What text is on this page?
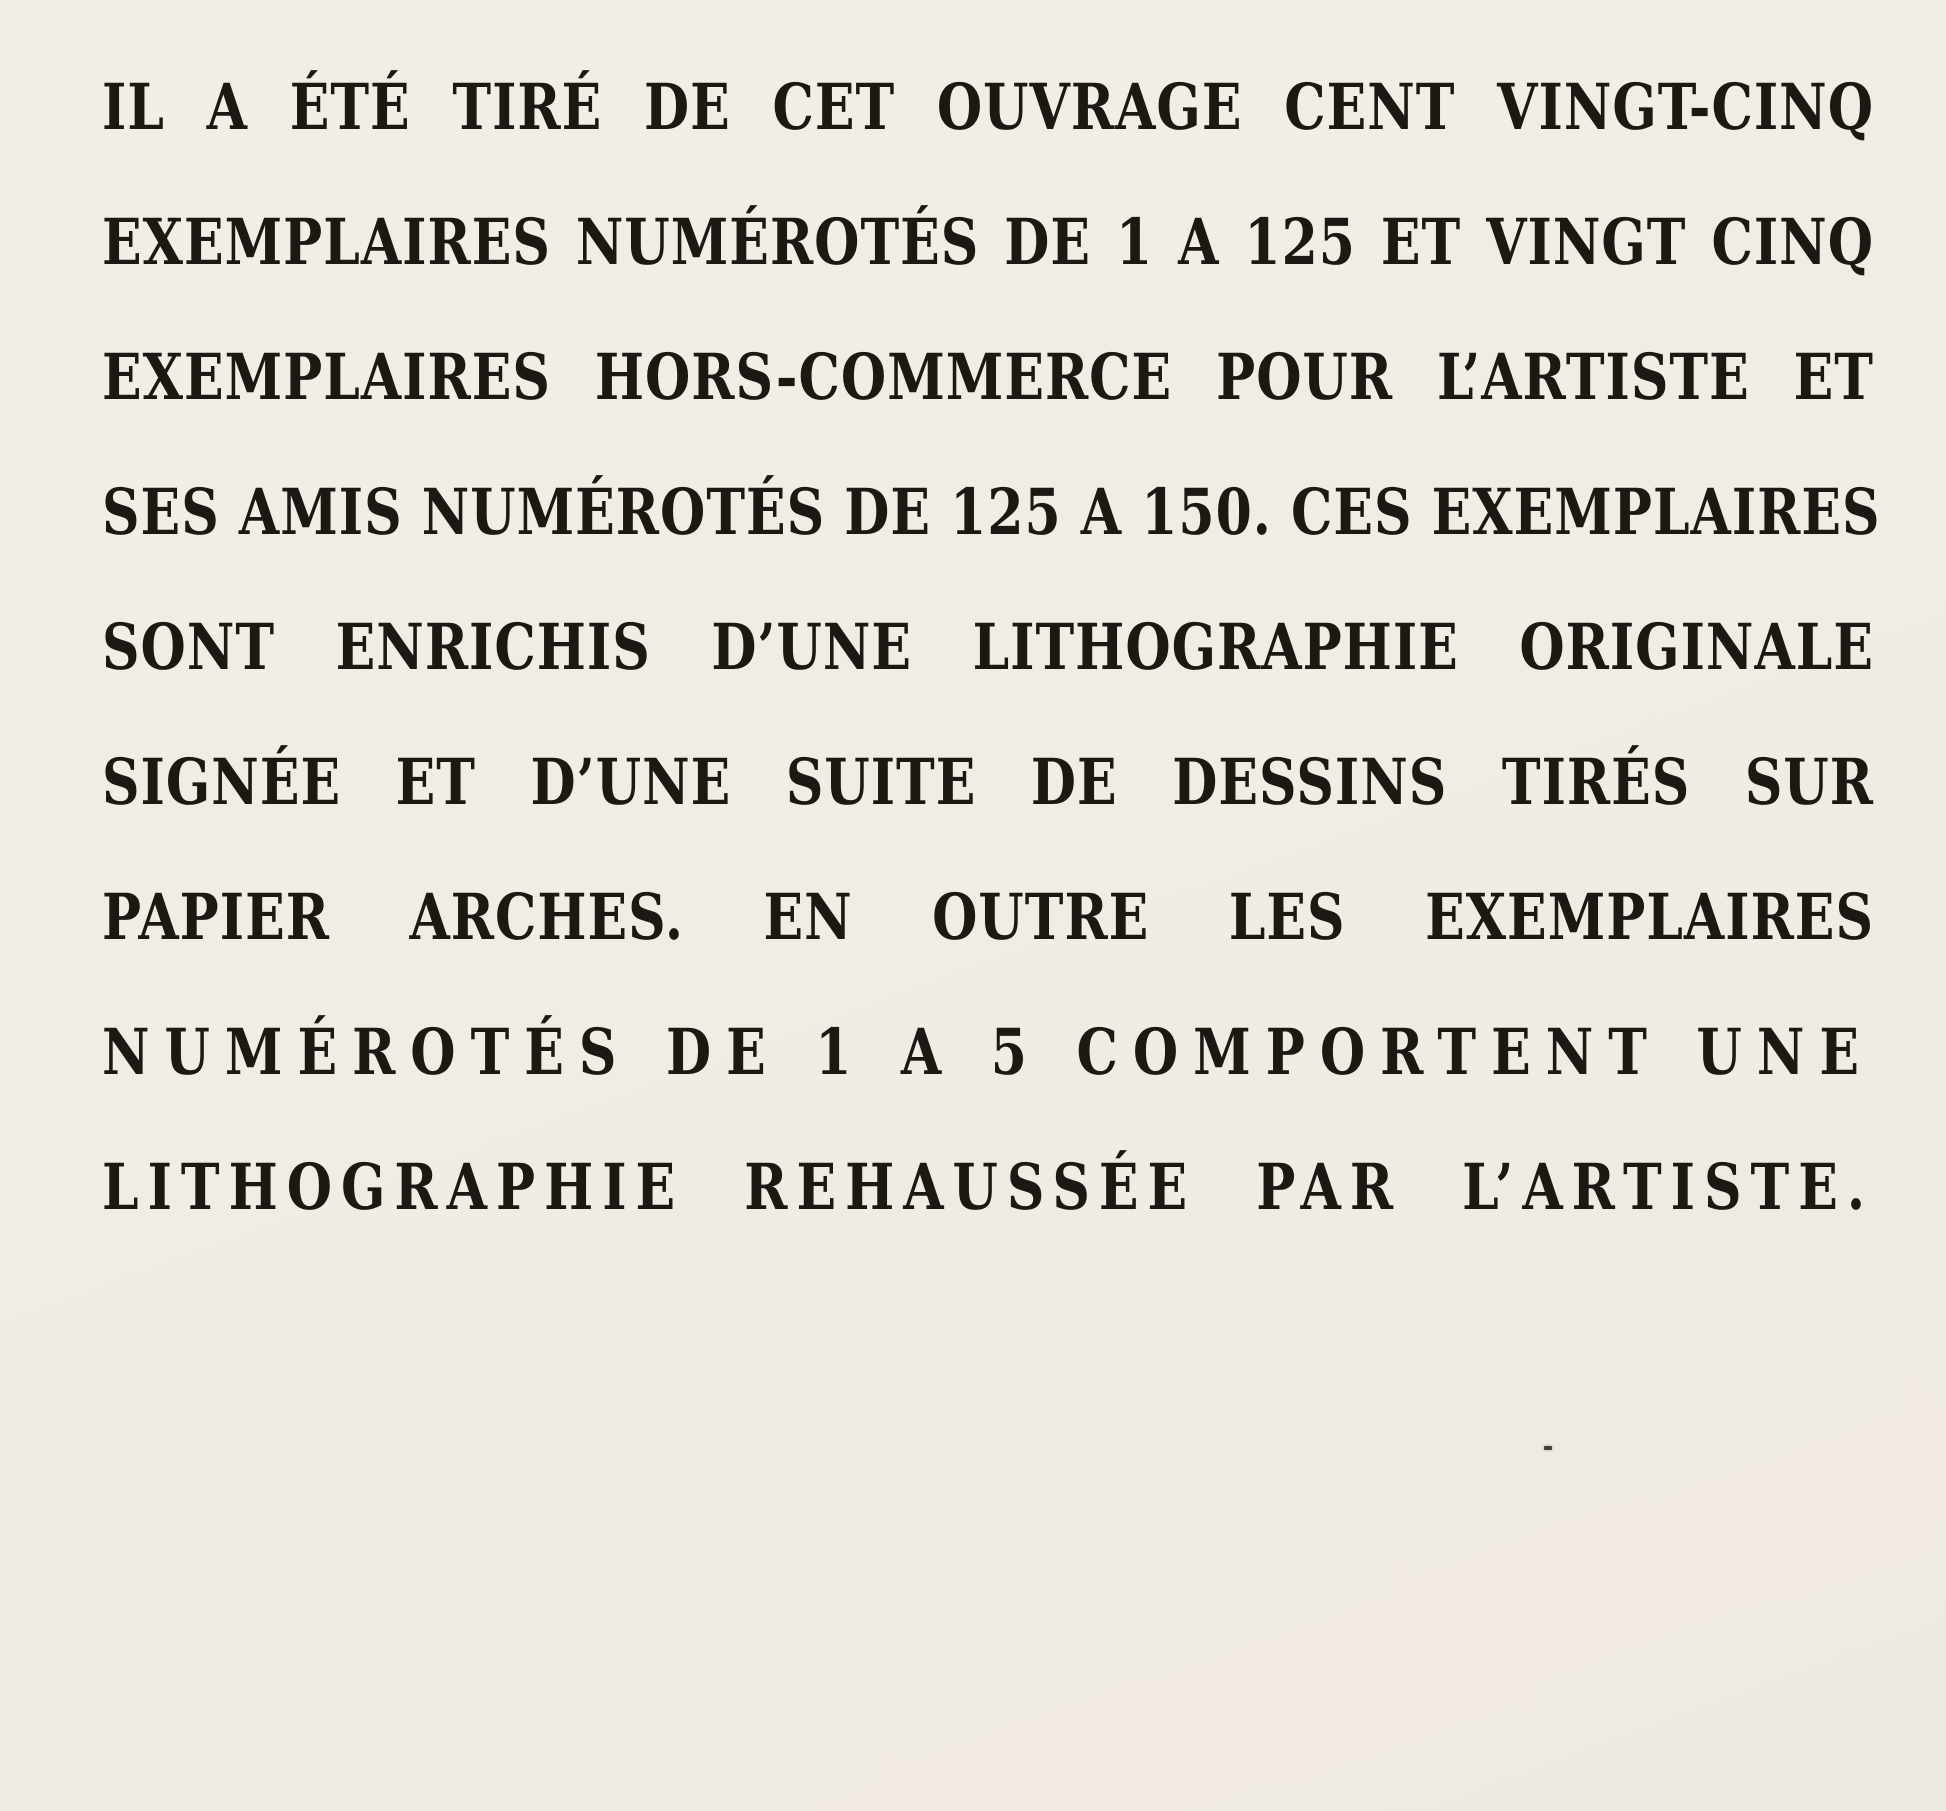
IL A ÉTÉ TIRÉ DE CET OUVRAGE CENT VINGT-CINQ
EXEMPLAIRES NUMÉROTÉS DE 1 A 125 ET VINGT CINQ
EXEMPLAIRES HORS-COMMERCE POUR L’ARTISTE ET
SES AMIS NUMÉROTÉS DE 125 A 150. CES EXEMPLAIRES
SONT ENRICHIS D’UNE LITHOGRAPHIE ORIGINALE
SIGNÉE ET D’UNE SUITE DE DESSINS TIRÉS SUR
PAPIER ARCHES. EN OUTRE LES EXEMPLAIRES
NUMÉROTÉS DE 1 A 5 COMPORTENT UNE
LITHOGRAPHIE REHAUSSÉE PAR L’ARTISTE.
